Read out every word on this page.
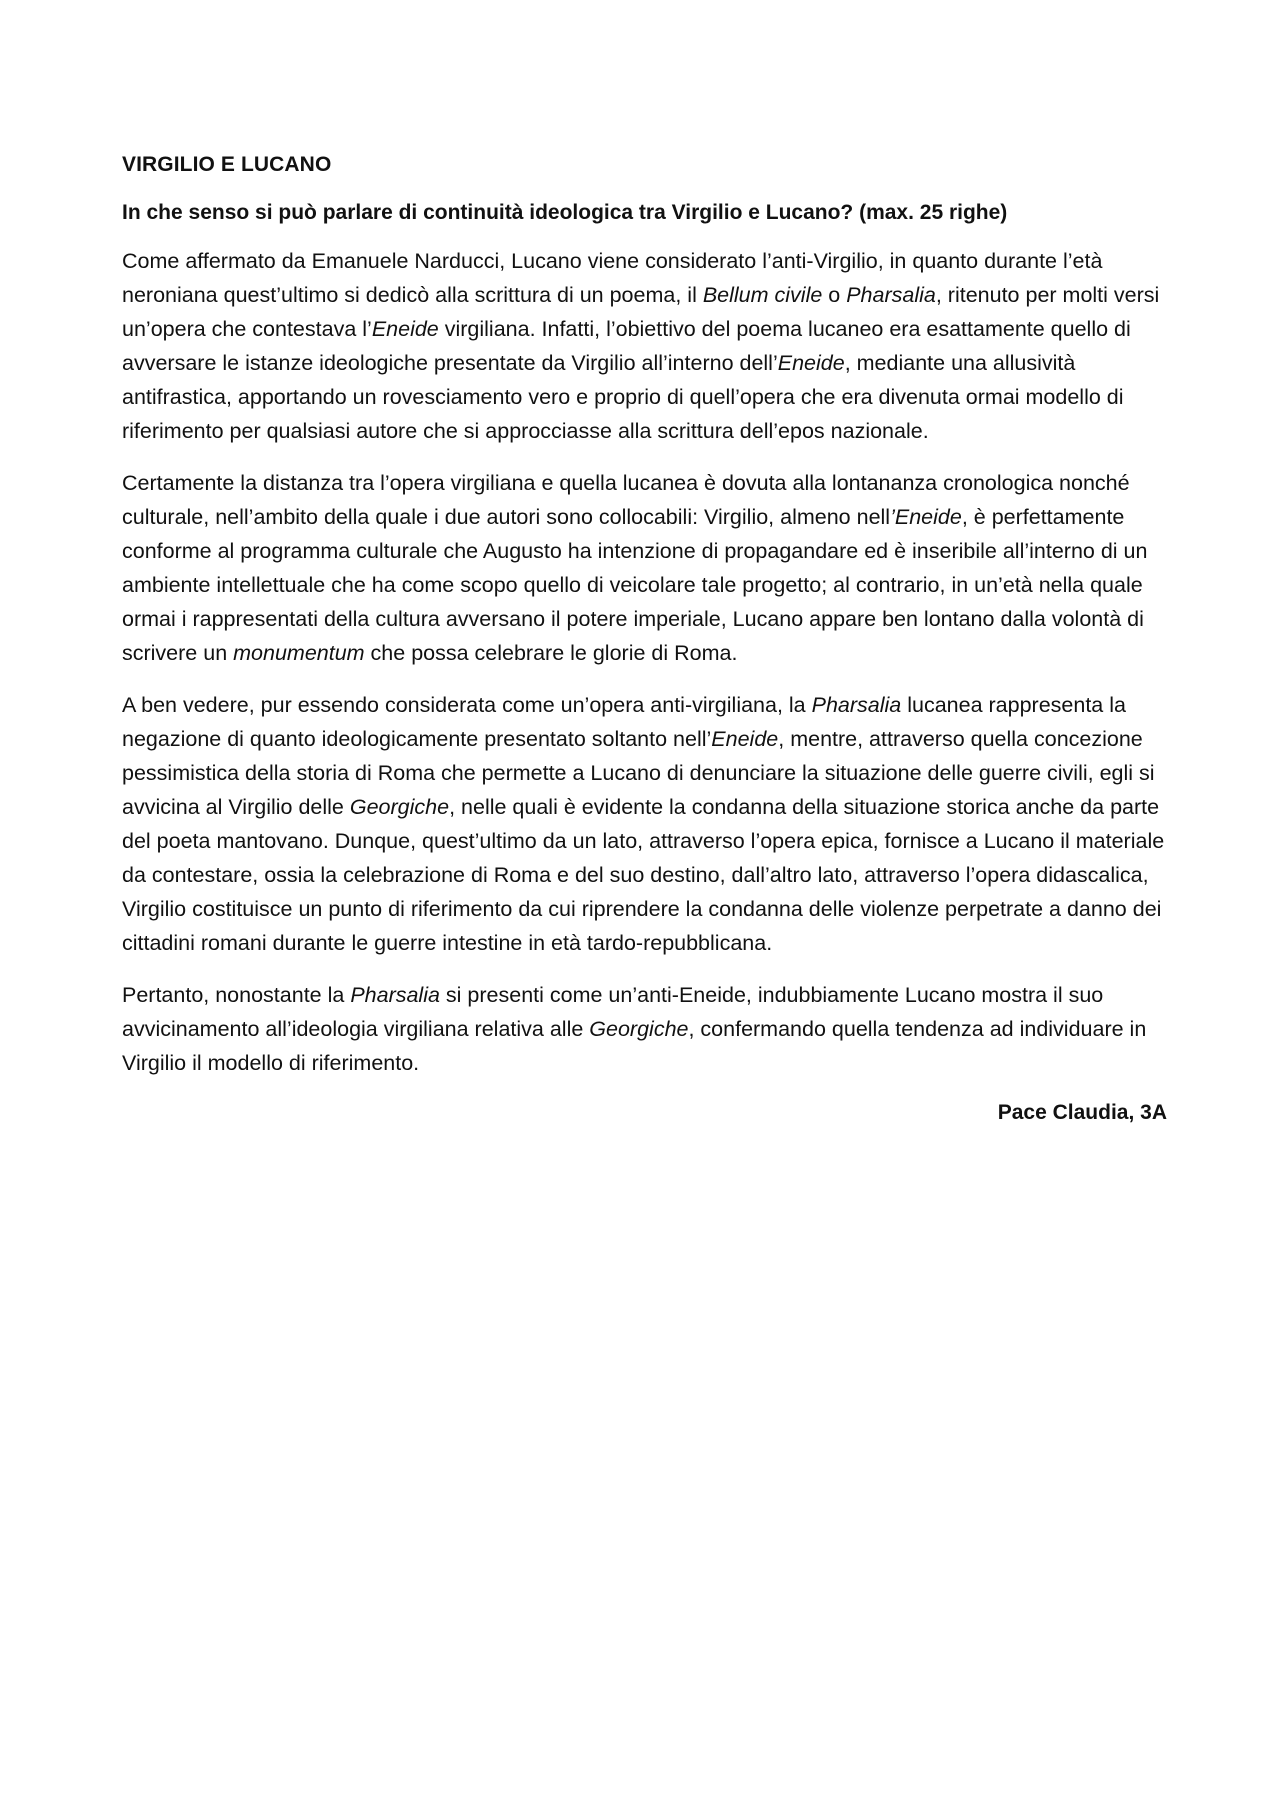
VIRGILIO E LUCANO
In che senso si può parlare di continuità ideologica tra Virgilio e Lucano? (max. 25 righe)
Come affermato da Emanuele Narducci, Lucano viene considerato l’anti-Virgilio, in quanto durante l’età neroniana quest’ultimo si dedicò alla scrittura di un poema, il Bellum civile o Pharsalia, ritenuto per molti versi un’opera che contestava l’Eneide virgiliana. Infatti, l’obiettivo del poema lucaneo era esattamente quello di avversare le istanze ideologiche presentate da Virgilio all’interno dell’Eneide, mediante una allusività antifrastica, apportando un rovesciamento vero e proprio di quell’opera che era divenuta ormai modello di riferimento per qualsiasi autore che si approcciasse alla scrittura dell’epos nazionale.
Certamente la distanza tra l’opera virgiliana e quella lucanea è dovuta alla lontananza cronologica nonché culturale, nell’ambito della quale i due autori sono collocabili: Virgilio, almeno nell’Eneide, è perfettamente conforme al programma culturale che Augusto ha intenzione di propagandare ed è inseribile all’interno di un ambiente intellettuale che ha come scopo quello di veicolare tale progetto; al contrario, in un’età nella quale ormai i rappresentati della cultura avversano il potere imperiale, Lucano appare ben lontano dalla volontà di scrivere un monumentum che possa celebrare le glorie di Roma.
A ben vedere, pur essendo considerata come un’opera anti-virgiliana, la Pharsalia lucanea rappresenta la negazione di quanto ideologicamente presentato soltanto nell’Eneide, mentre, attraverso quella concezione pessimistica della storia di Roma che permette a Lucano di denunciare la situazione delle guerre civili, egli si avvicina al Virgilio delle Georgiche, nelle quali è evidente la condanna della situazione storica anche da parte del poeta mantovano. Dunque, quest’ultimo da un lato, attraverso l’opera epica, fornisce a Lucano il materiale da contestare, ossia la celebrazione di Roma e del suo destino, dall’altro lato, attraverso l’opera didascalica, Virgilio costituisce un punto di riferimento da cui riprendere la condanna delle violenze perpetrate a danno dei cittadini romani durante le guerre intestine in età tardo-repubblicana.
Pertanto, nonostante la Pharsalia si presenti come un’anti-Eneide, indubbiamente Lucano mostra il suo avvicinamento all’ideologia virgiliana relativa alle Georgiche, confermando quella tendenza ad individuare in Virgilio il modello di riferimento.
Pace Claudia, 3A
